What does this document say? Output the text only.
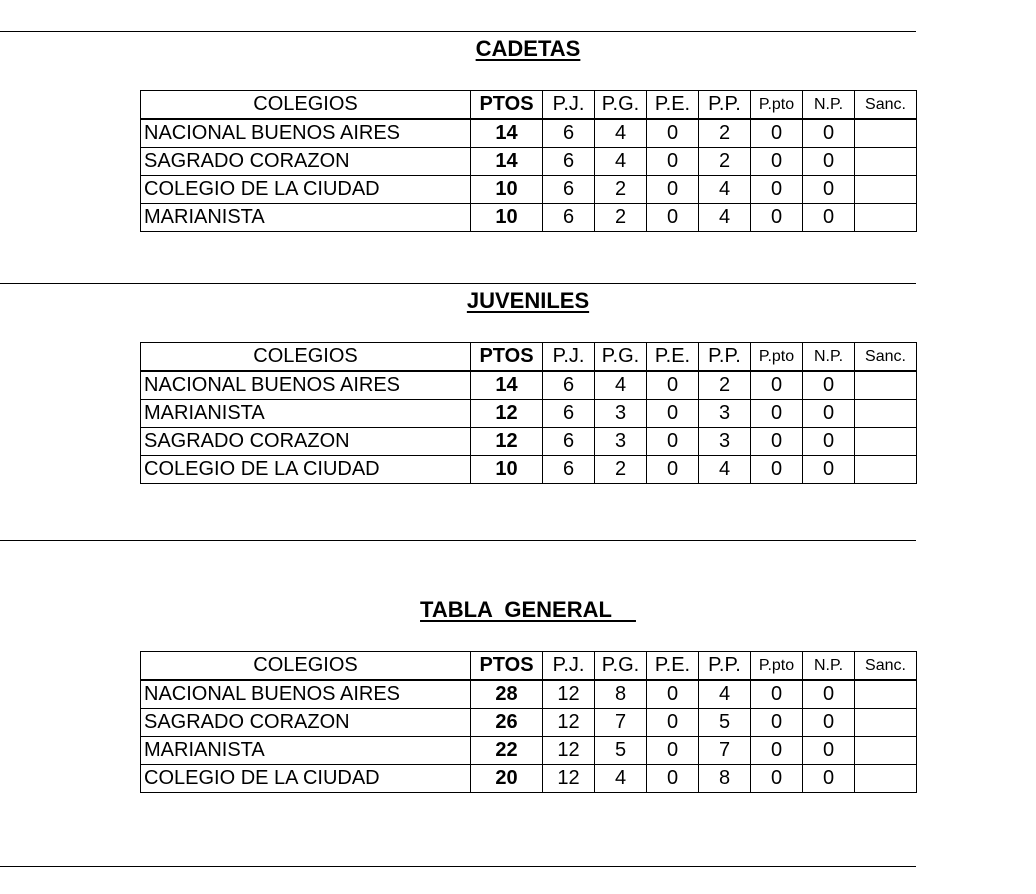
CADETAS
JUVENILES
TABLA  GENERAL
COLEGIOS	PTOS	P.J.	P.G.	P.E.	P.P.	P.pto	N.P.	Sanc.
NACIONAL BUENOS AIRES	14	6	4	0	2	0	0	
SAGRADO CORAZON	14	6	4	0	2	0	0	
COLEGIO DE LA CIUDAD	10	6	2	0	4	0	0	
MARIANISTA	10	6	2	0	4	0	0	
COLEGIOS	PTOS	P.J.	P.G.	P.E.	P.P.	P.pto	N.P.	Sanc.
NACIONAL BUENOS AIRES	14	6	4	0	2	0	0	
MARIANISTA	12	6	3	0	3	0	0	
SAGRADO CORAZON	12	6	3	0	3	0	0	
COLEGIO DE LA CIUDAD	10	6	2	0	4	0	0	
COLEGIOS	PTOS	P.J.	P.G.	P.E.	P.P.	P.pto	N.P.	Sanc.
NACIONAL BUENOS AIRES	28	12	8	0	4	0	0	
SAGRADO CORAZON	26	12	7	0	5	0	0	
MARIANISTA	22	12	5	0	7	0	0	
COLEGIO DE LA CIUDAD	20	12	4	0	8	0	0	
